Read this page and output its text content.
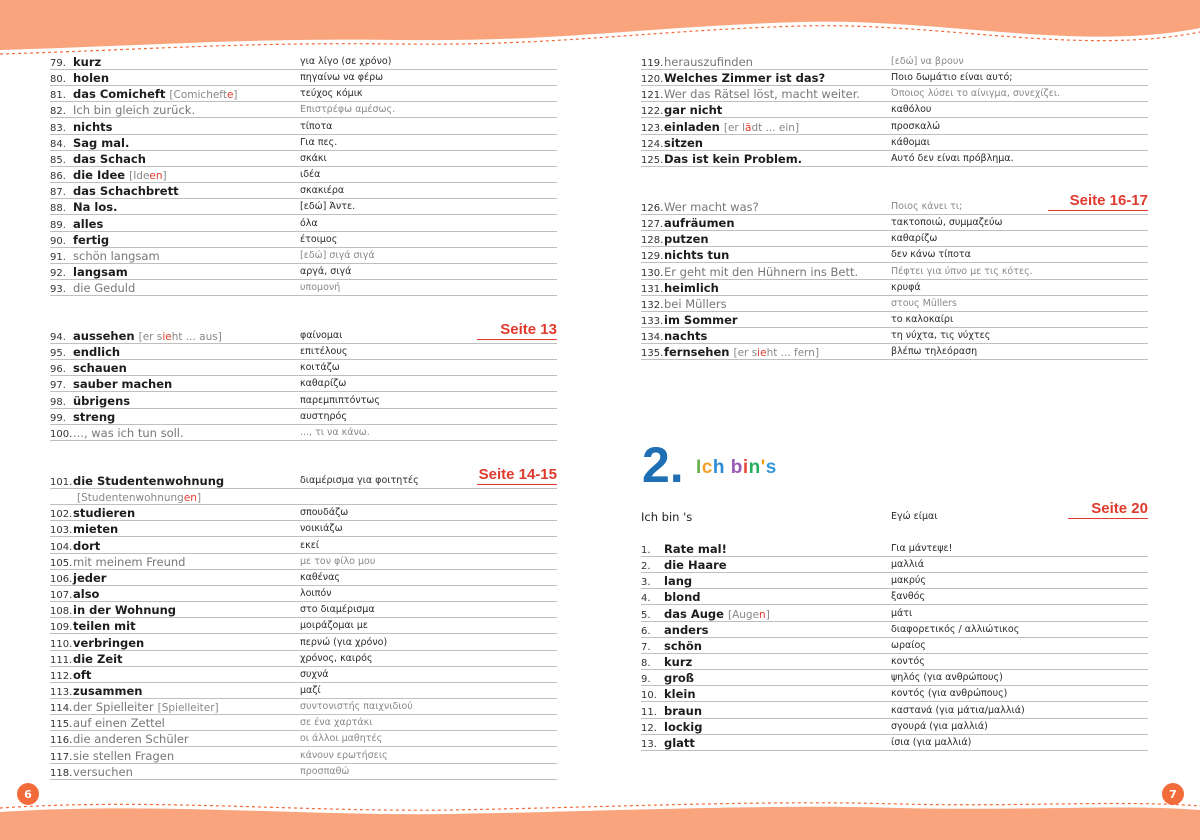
2. Ich bin's
6	7
79. kurz	για λίγο (σε χρόνο)
80. holen	πηγαίνω να φέρω
81. das Comicheft [Comichefte]	τεύχος κόμικ
82. Ich bin gleich zurück.	Επιστρέφω αμέσως.
83. nichts	τίποτα
84. Sag mal.	Για πες.
85. das Schach	σκάκι
86. die Idee [Ideen]	ιδέα
87. das Schachbrett	σκακιέρα
88. Na los.	[εδώ] Άντε.
89. alles	όλα
90. fertig	έτοιμος
91. schön langsam	[εδώ] σιγά σιγά
92. langsam	αργά, σιγά
93. die Geduld	υπομονή
Seite 13
94. aussehen [er sieht ... aus]	φαίνομαι
95. endlich	επιτέλους
96. schauen	κοιτάζω
97. sauber machen	καθαρίζω
98. übrigens	παρεμπιπτόντως
99. streng	αυστηρός
100. ..., was ich tun soll.	..., τι να κάνω.
Seite 14-15
101. die Studentenwohnung	διαμέρισμα για φοιτητές
[Studentenwohnungen]
102. studieren	σπουδάζω
103. mieten	νοικιάζω
104. dort	εκεί
105. mit meinem Freund	με τον φίλο μου
106. jeder	καθένας
107. also	λοιπόν
108. in der Wohnung	στο διαμέρισμα
109. teilen mit	μοιράζομαι με
110. verbringen	περνώ (για χρόνο)
111. die Zeit	χρόνος, καιρός
112. oft	συχνά
113. zusammen	μαζί
114. der Spielleiter [Spielleiter]	συντονιστής παιχνιδιού
115. auf einen Zettel	σε ένα χαρτάκι
116. die anderen Schüler	οι άλλοι μαθητές
117. sie stellen Fragen	κάνουν ερωτήσεις
118. versuchen	προσπαθώ
119. herauszufinden	[εδώ] να βρουν
120. Welches Zimmer ist das?	Ποιο δωμάτιο είναι αυτό;
121. Wer das Rätsel löst, macht weiter.	Όποιος λύσει το αίνιγμα, συνεχίζει.
122. gar nicht	καθόλου
123. einladen [er lädt ... ein]	προσκαλώ
124. sitzen	κάθομαι
125. Das ist kein Problem.	Αυτό δεν είναι πρόβλημα.
Seite 16-17
126. Wer macht was?	Ποιος κάνει τι;
127. aufräumen	τακτοποιώ, συμμαζεύω
128. putzen	καθαρίζω
129. nichts tun	δεν κάνω τίποτα
130. Er geht mit den Hühnern ins Bett.	Πέφτει για ύπνο με τις κότες.
131. heimlich	κρυφά
132. bei Müllers	στους Müllers
133. im Sommer	το καλοκαίρι
134. nachts	τη νύχτα, τις νύχτες
135. fernsehen [er sieht ... fern]	βλέπω τηλεόραση
Seite 20
Ich bin 's	Εγώ είμαι
1.	Rate mal!	Για μάντεψε!
2.	die Haare	μαλλιά
3.	lang	μακρύς
4.	blond	ξανθός
5.	das Auge [Augen]	μάτι
6.	anders	διαφορετικός / αλλιώτικος
7.	schön	ωραίος
8.	kurz	κοντός
9.	groß	ψηλός (για ανθρώπους)
10. klein	κοντός (για ανθρώπους)
11. braun	καστανά (για μάτια/μαλλιά)
12. lockig	σγουρά (για μαλλιά)
13. glatt	ίσια (για μαλλιά)
